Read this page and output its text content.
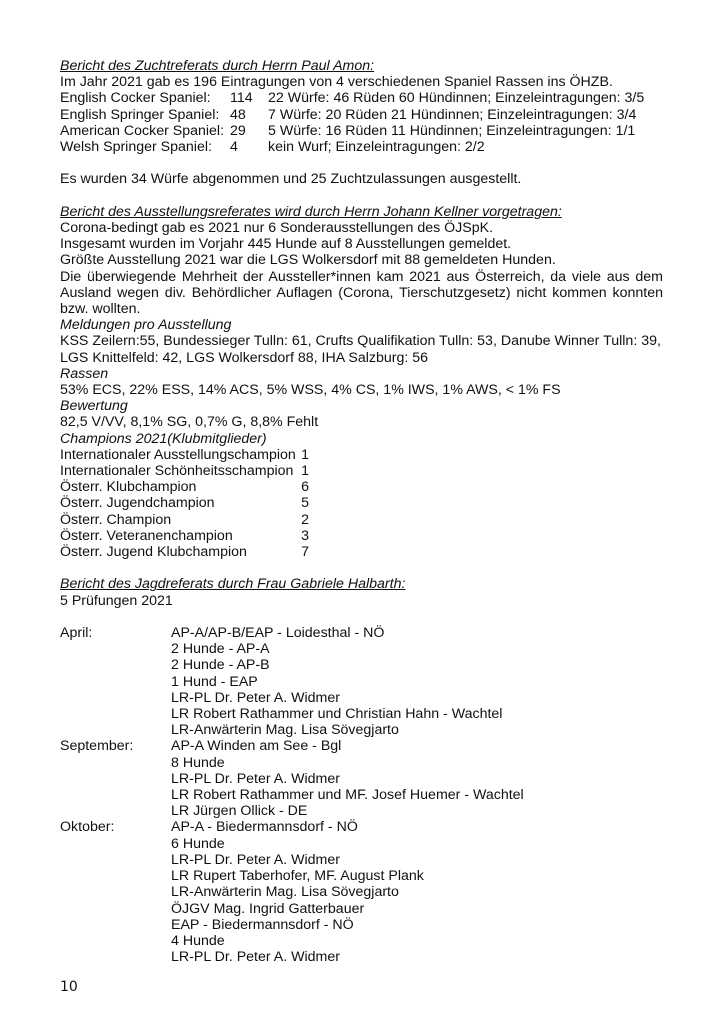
Bericht des Zuchtreferats durch Herrn Paul Amon:

Im Jahr 2021 gab es 196 Eintragungen von 4 verschiedenen Spaniel Rassen ins ÖHZB.

English Cocker Spaniel:	114	22 Würfe: 46 Rüden 60 Hündinnen; Einzeleintragungen: 3/5
English Springer Spaniel:	48	7 Würfe: 20 Rüden 21 Hündinnen; Einzeleintragungen: 3/4
American Cocker Spaniel:	29	5 Würfe: 16 Rüden 11 Hündinnen; Einzeleintragungen: 1/1
Welsh Springer Spaniel:	4	kein Wurf; Einzeleintragungen: 2/2

Es wurden 34 Würfe abgenommen und 25 Zuchtzulassungen ausgestellt.

Bericht des Ausstellungsreferates wird durch Herrn Johann Kellner vorgetragen:

Corona-bedingt gab es 2021 nur 6 Sonderausstellungen des ÖJSpK.

Insgesamt wurden im Vorjahr 445 Hunde auf 8 Ausstellungen gemeldet.

Größte Ausstellung 2021 war die LGS Wolkersdorf mit 88 gemeldeten Hunden.

Die überwiegende Mehrheit der Aussteller*innen kam 2021 aus Österreich, da viele aus dem Ausland wegen div. Behördlicher Auflagen (Corona, Tierschutzgesetz) nicht kommen konnten bzw. wollten.

Meldungen pro Ausstellung

KSS Zeilern:55, Bundessieger Tulln: 61, Crufts Qualifikation Tulln: 53, Danube Winner Tulln: 39, LGS Knittelfeld: 42, LGS Wolkersdorf 88, IHA Salzburg: 56

Rassen

53% ECS, 22% ESS, 14% ACS, 5% WSS, 4% CS, 1% IWS, 1% AWS, < 1% FS

Bewertung

82,5 V/VV, 8,1% SG, 0,7% G, 8,8% Fehlt

Champions 2021(Klubmitglieder)

Internationaler Ausstellungschampion	1
Internationaler Schönheitsschampion	1
Österr. Klubchampion	6
Österr. Jugendchampion	5
Österr. Champion	2
Österr. Veteranenchampion	3
Österr. Jugend Klubchampion	7

Bericht des Jagdreferats durch Frau Gabriele Halbarth:

5 Prüfungen 2021

April:	AP-A/AP-B/EAP - Loidesthal - NÖ
	2 Hunde - AP-A
	2 Hunde - AP-B
	1 Hund - EAP
	LR-PL Dr. Peter A. Widmer
	LR Robert Rathammer und Christian Hahn - Wachtel
	LR-Anwärterin Mag. Lisa Sövegjarto
September:	AP-A Winden am See - Bgl
	8 Hunde
	LR-PL Dr. Peter A. Widmer
	LR Robert Rathammer und MF. Josef Huemer - Wachtel
	LR Jürgen Ollick - DE
Oktober:	AP-A - Biedermannsdorf - NÖ
	6 Hunde
	LR-PL Dr. Peter A. Widmer
	LR Rupert Taberhofer, MF. August Plank
	LR-Anwärterin Mag. Lisa Sövegjarto
	ÖJGV Mag. Ingrid Gatterbauer
	EAP - Biedermannsdorf - NÖ
	4 Hunde
	LR-PL Dr. Peter A. Widmer
10
